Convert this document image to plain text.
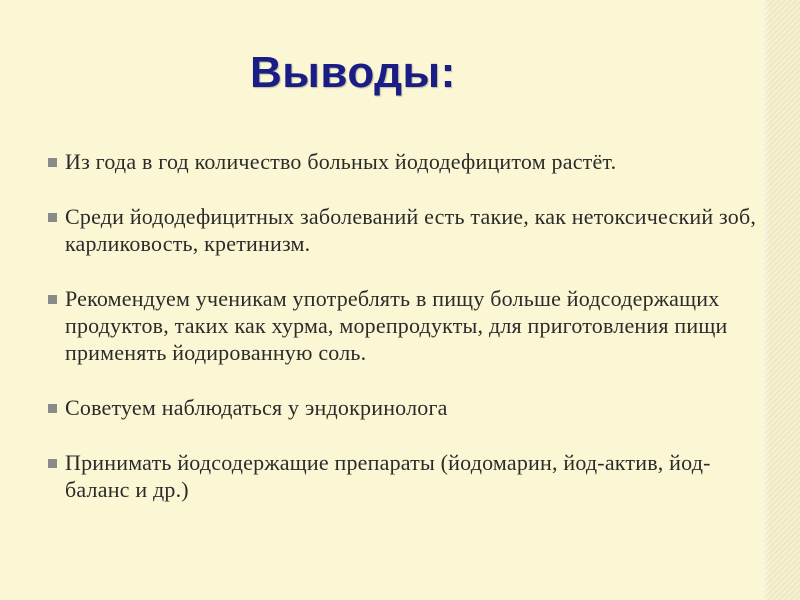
Выводы:
Из года в год количество больных йододефицитом растёт.
Среди йододефицитных заболеваний есть такие, как нетоксический зоб, карликовость, кретинизм.
Рекомендуем ученикам употреблять в пищу больше йодсодержащих продуктов, таких как хурма, морепродукты, для приготовления пищи применять йодированную соль.
Советуем наблюдаться у эндокринолога
Принимать йодсодержащие препараты (йодомарин, йод-актив, йод-баланс и др.)
